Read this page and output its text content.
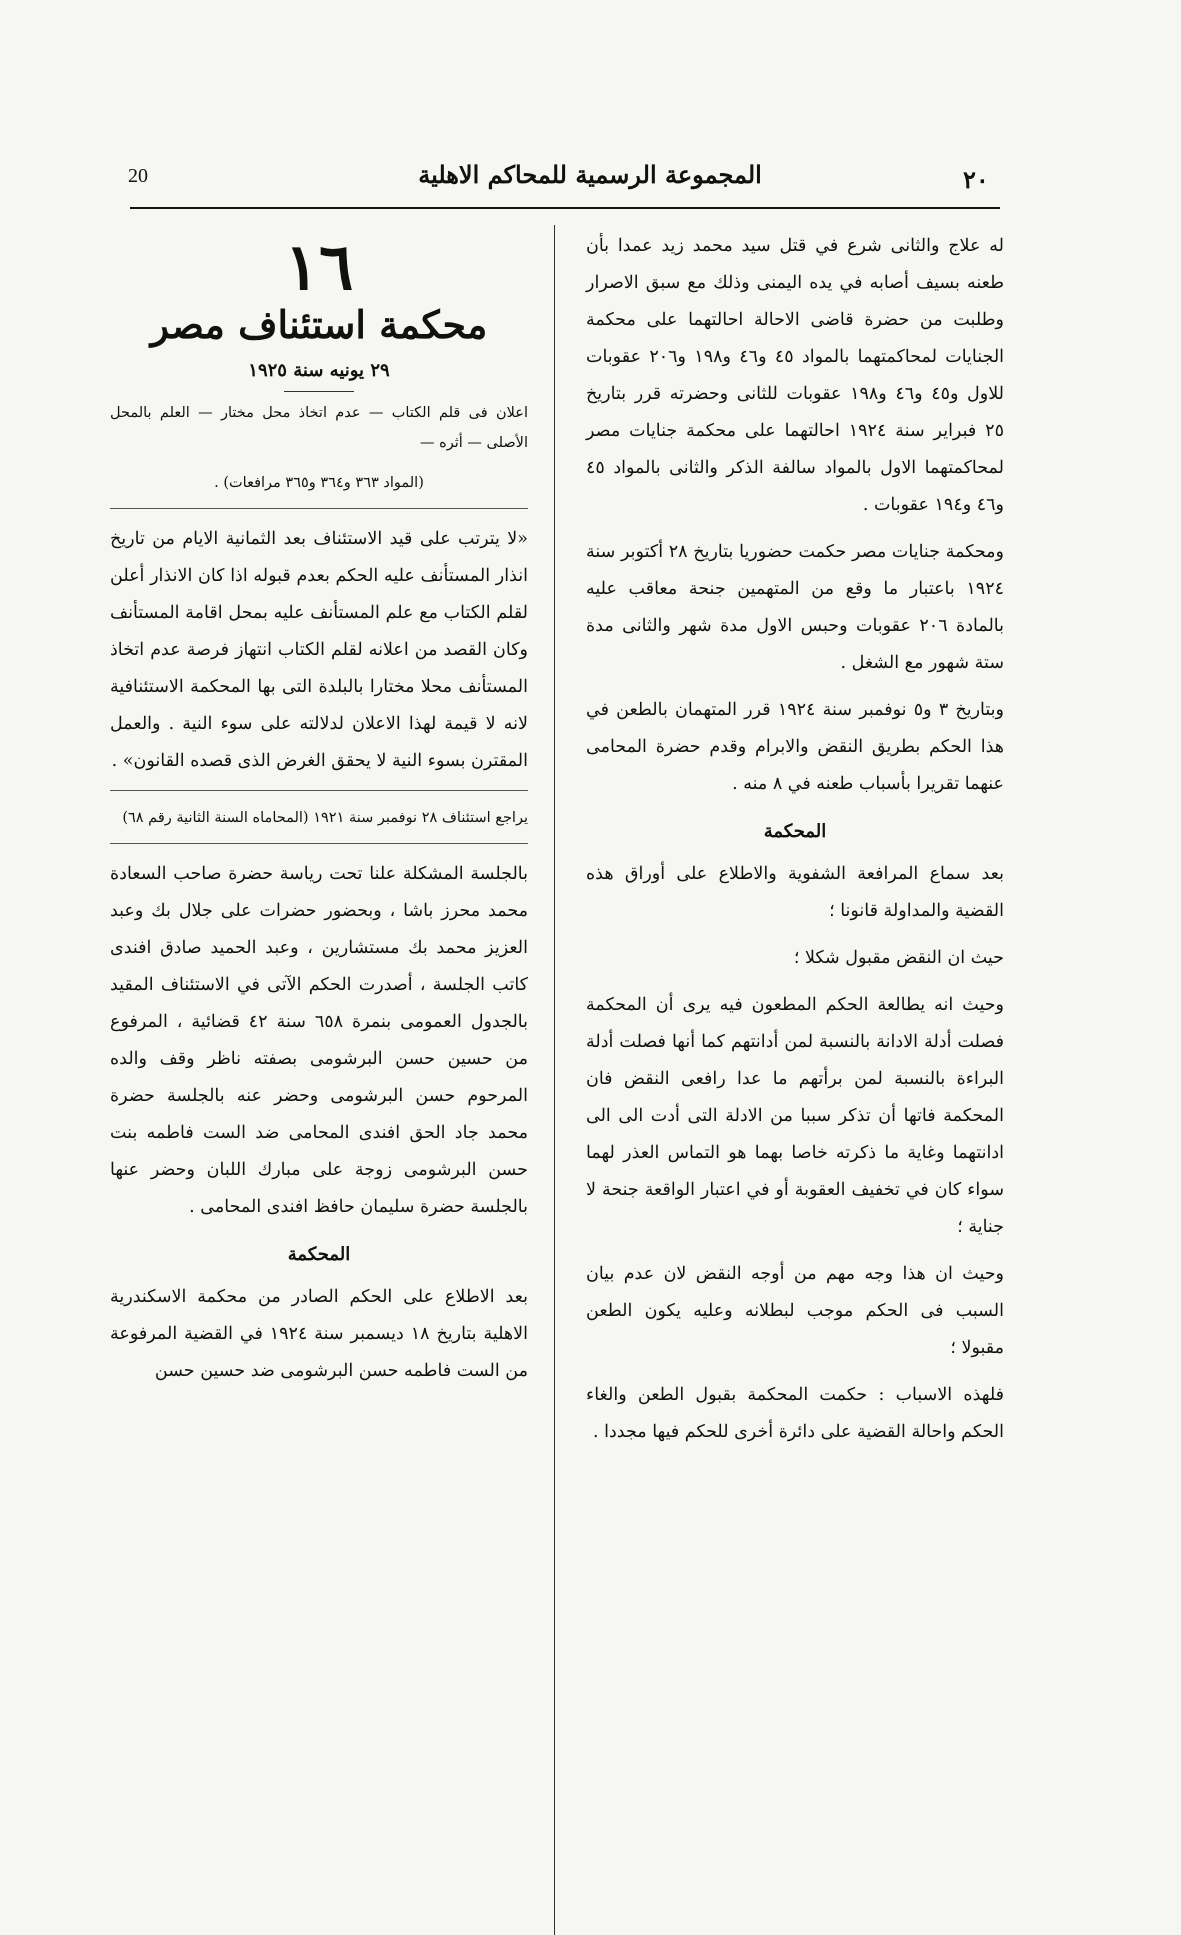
20	المجموعة الرسمية للمحاكم الاهلية	٢٠

له علاج والثانى شرع في قتل سيد محمد زيد عمدا بأن طعنه بسيف أصابه في يده اليمنى وذلك مع سبق الاصرار وطلبت من حضرة قاضى الاحالة احالتهما على محكمة الجنايات لمحاكمتهما بالمواد ٤٥ و٤٦ و١٩٨ و٢٠٦ عقوبات للاول و٤٥ و٤٦ و١٩٨ عقوبات للثانى وحضرته قرر بتاريخ ٢٥ فبراير سنة ١٩٢٤ احالتهما على محكمة جنايات مصر لمحاكمتهما الاول بالمواد سالفة الذكر والثانى بالمواد ٤٥ و٤٦ و١٩٤ عقوبات .

ومحكمة جنايات مصر حكمت حضوريا بتاريخ ٢٨ أكتوبر سنة ١٩٢٤ باعتبار ما وقع من المتهمين جنحة معاقب عليه بالمادة ٢٠٦ عقوبات وحبس الاول مدة شهر والثانى مدة ستة شهور مع الشغل .

وبتاريخ ٣ و٥ نوفمبر سنة ١٩٢٤ قرر المتهمان بالطعن في هذا الحكم بطريق النقض والابرام وقدم حضرة المحامى عنهما تقريرا بأسباب طعنه في ٨ منه .

المحكمة

بعد سماع المرافعة الشفوية والاطلاع على أوراق هذه القضية والمداولة قانونا ؛

حيث ان النقض مقبول شكلا ؛

وحيث انه يطالعة الحكم المطعون فيه يرى أن المحكمة فصلت أدلة الادانة بالنسبة لمن أدانتهم كما أنها فصلت أدلة البراءة بالنسبة لمن برأتهم ما عدا رافعى النقض فان المحكمة فاتها أن تذكر سببا من الادلة التى أدت الى الى ادانتهما وغاية ما ذكرته خاصا بهما هو التماس العذر لهما سواء كان في تخفيف العقوبة أو في اعتبار الواقعة جنحة لا جناية ؛

وحيث ان هذا وجه مهم من أوجه النقض لان عدم بيان السبب فى الحكم موجب لبطلانه وعليه يكون الطعن مقبولا ؛

فلهذه الاسباب : حكمت المحكمة بقبول الطعن والغاء الحكم واحالة القضية على دائرة أخرى للحكم فيها مجددا .

١٦
محكمة استئناف مصر
٢٩ يونيه سنة ١٩٢٥

اعلان فى قلم الكتاب — عدم اتخاذ محل مختار — العلم بالمحل الأصلى — أثره —

(المواد ٣٦٣ و٣٦٤ و٣٦٥ مرافعات) .

«لا يترتب على قيد الاستئناف بعد الثمانية الايام من تاريخ انذار المستأنف عليه الحكم بعدم قبوله اذا كان الانذار أعلن لقلم الكتاب مع علم المستأنف عليه بمحل اقامة المستأنف وكان القصد من اعلانه لقلم الكتاب انتهاز فرصة عدم اتخاذ المستأنف محلا مختارا بالبلدة التى بها المحكمة الاستئنافية لانه لا قيمة لهذا الاعلان لدلالته على سوء النية . والعمل المقترن بسوء النية لا يحقق الغرض الذى قصده القانون» .

يراجع استئناف ٢٨ نوفمبر سنة ١٩٢١ (المحاماه السنة الثانية رقم ٦٨)

بالجلسة المشكلة علنا تحت رياسة حضرة صاحب السعادة محمد محرز باشا ، وبحضور حضرات على جلال بك وعبد العزيز محمد بك مستشارين ، وعبد الحميد صادق افندى كاتب الجلسة ، أصدرت الحكم الآتى في الاستئناف المقيد بالجدول العمومى بنمرة ٦٥٨ سنة ٤٢ قضائية ، المرفوع من حسين حسن البرشومى بصفته ناظر وقف والده المرحوم حسن البرشومى وحضر عنه بالجلسة حضرة محمد جاد الحق افندى المحامى ضد الست فاطمه بنت حسن البرشومى زوجة على مبارك اللبان وحضر عنها بالجلسة حضرة سليمان حافظ افندى المحامى .

المحكمة

بعد الاطلاع على الحكم الصادر من محكمة الاسكندرية الاهلية بتاريخ ١٨ ديسمبر سنة ١٩٢٤ في القضية المرفوعة من الست فاطمه حسن البرشومى ضد حسين حسن
